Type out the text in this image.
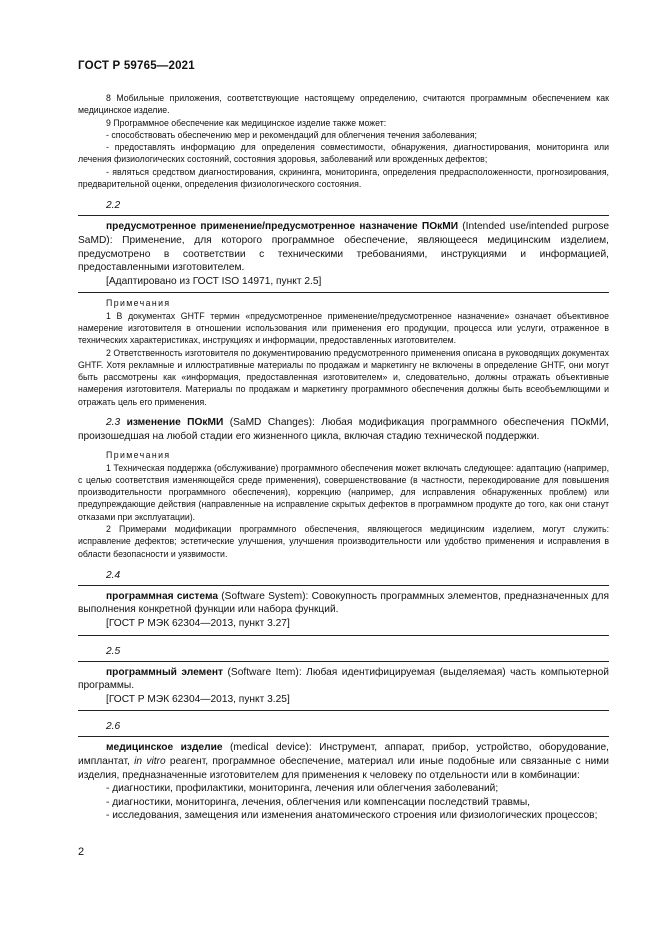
ГОСТ Р 59765—2021

8 Мобильные приложения, соответствующие настоящему определению, считаются программным обеспечением как медицинское изделие.

9 Программное обеспечение как медицинское изделие также может:

- способствовать обеспечению мер и рекомендаций для облегчения течения заболевания;

- предоставлять информацию для определения совместимости, обнаружения, диагностирования, мониторинга или лечения физиологических состояний, состояния здоровья, заболеваний или врожденных дефектов;

- являться средством диагностирования, скрининга, мониторинга, определения предрасположенности, прогнозирования, предварительной оценки, определения физиологического состояния.

2.2

предусмотренное применение/предусмотренное назначение ПОкМИ (Intended use/intended purpose SaMD): Применение, для которого программное обеспечение, являющееся медицинским изделием, предусмотрено в соответствии с техническими требованиями, инструкциями и информацией, предоставленными изготовителем.

[Адаптировано из ГОСТ ISO 14971, пункт 2.5]

Примечания

1 В документах GHTF термин «предусмотренное применение/предусмотренное назначение» означает объективное намерение изготовителя в отношении использования или применения его продукции, процесса или услуги, отраженное в технических характеристиках, инструкциях и информации, предоставленных изготовителем.

2 Ответственность изготовителя по документированию предусмотренного применения описана в руководящих документах GHTF. Хотя рекламные и иллюстративные материалы по продажам и маркетингу не включены в определение GHTF, они могут быть рассмотрены как «информация, предоставленная изготовителем» и, следовательно, должны отражать объективные намерения изготовителя. Материалы по продажам и маркетингу программного обеспечения должны быть всеобъемлющими и отражать цель его применения.

2.3 изменение ПОкМИ (SaMD Changes): Любая модификация программного обеспечения ПОкМИ, произошедшая на любой стадии его жизненного цикла, включая стадию технической поддержки.

Примечания

1 Техническая поддержка (обслуживание) программного обеспечения может включать следующее: адаптацию (например, с целью соответствия изменяющейся среде применения), совершенствование (в частности, перекодирование для повышения производительности программного обеспечения), коррекцию (например, для исправления обнаруженных проблем) или предупреждающие действия (направленные на исправление скрытых дефектов в программном продукте до того, как они станут отказами при эксплуатации).

2 Примерами модификации программного обеспечения, являющегося медицинским изделием, могут служить: исправление дефектов; эстетические улучшения, улучшения производительности или удобство применения и исправления в области безопасности и уязвимости.

2.4

программная система (Software System): Совокупность программных элементов, предназначенных для выполнения конкретной функции или набора функций.

[ГОСТ Р МЭК 62304—2013, пункт 3.27]

2.5

программный элемент (Software Item): Любая идентифицируемая (выделяемая) часть компьютерной программы.

[ГОСТ Р МЭК 62304—2013, пункт 3.25]

2.6

медицинское изделие (medical device): Инструмент, аппарат, прибор, устройство, оборудование, имплантат, in vitro реагент, программное обеспечение, материал или иные подобные или связанные с ними изделия, предназначенные изготовителем для применения к человеку по отдельности или в комбинации:

- диагностики, профилактики, мониторинга, лечения или облегчения заболеваний;

- диагностики, мониторинга, лечения, облегчения или компенсации последствий травмы,

- исследования, замещения или изменения анатомического строения или физиологических процессов;

2
